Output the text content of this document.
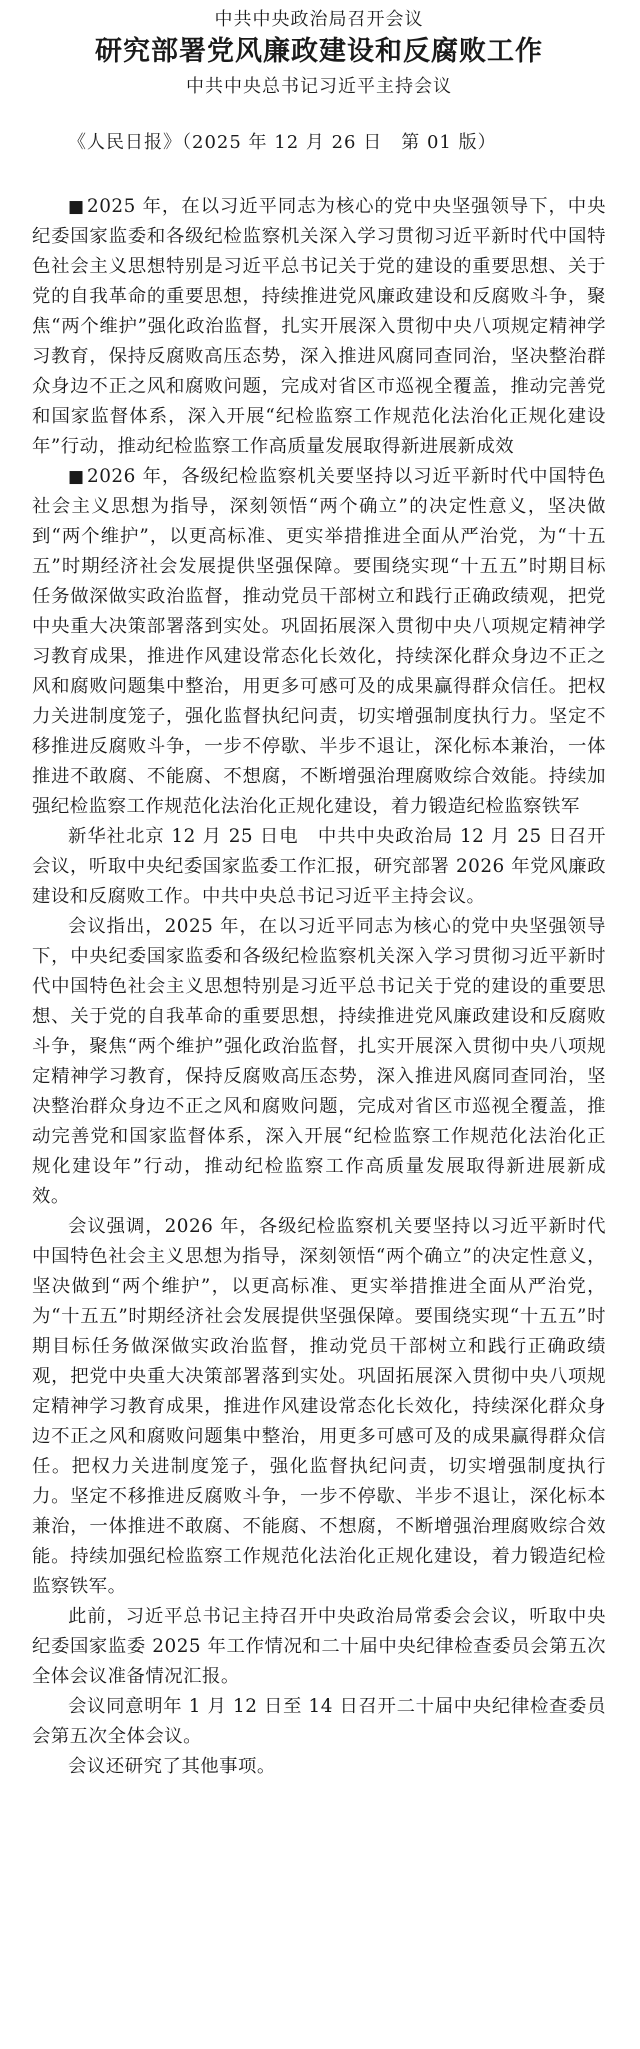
中共中央政治局召开会议

研究部署党风廉政建设和反腐败工作

中共中央总书记习近平主持会议

《人民日报》（2025 年 12 月 26 日　第 01 版）

■ 2025 年，在以习近平同志为核心的党中央坚强领导下，中央纪委国家监委和各级纪检监察机关深入学习贯彻习近平新时代中国特色社会主义思想特别是习近平总书记关于党的建设的重要思想、关于党的自我革命的重要思想，持续推进党风廉政建设和反腐败斗争，聚焦“两个维护”强化政治监督，扎实开展深入贯彻中央八项规定精神学习教育，保持反腐败高压态势，深入推进风腐同查同治，坚决整治群众身边不正之风和腐败问题，完成对省区市巡视全覆盖，推动完善党和国家监督体系，深入开展“纪检监察工作规范化法治化正规化建设年”行动，推动纪检监察工作高质量发展取得新进展新成效

■ 2026 年，各级纪检监察机关要坚持以习近平新时代中国特色社会主义思想为指导，深刻领悟“两个确立”的决定性意义，坚决做到“两个维护”，以更高标准、更实举措推进全面从严治党，为“十五五”时期经济社会发展提供坚强保障。要围绕实现“十五五”时期目标任务做深做实政治监督，推动党员干部树立和践行正确政绩观，把党中央重大决策部署落到实处。巩固拓展深入贯彻中央八项规定精神学习教育成果，推进作风建设常态化长效化，持续深化群众身边不正之风和腐败问题集中整治，用更多可感可及的成果赢得群众信任。把权力关进制度笼子，强化监督执纪问责，切实增强制度执行力。坚定不移推进反腐败斗争，一步不停歇、半步不退让，深化标本兼治，一体推进不敢腐、不能腐、不想腐，不断增强治理腐败综合效能。持续加强纪检监察工作规范化法治化正规化建设，着力锻造纪检监察铁军

新华社北京 12 月 25 日电　中共中央政治局 12 月 25 日召开会议，听取中央纪委国家监委工作汇报，研究部署 2026 年党风廉政建设和反腐败工作。中共中央总书记习近平主持会议。

会议指出，2025 年，在以习近平同志为核心的党中央坚强领导下，中央纪委国家监委和各级纪检监察机关深入学习贯彻习近平新时代中国特色社会主义思想特别是习近平总书记关于党的建设的重要思想、关于党的自我革命的重要思想，持续推进党风廉政建设和反腐败斗争，聚焦“两个维护”强化政治监督，扎实开展深入贯彻中央八项规定精神学习教育，保持反腐败高压态势，深入推进风腐同查同治，坚决整治群众身边不正之风和腐败问题，完成对省区市巡视全覆盖，推动完善党和国家监督体系，深入开展“纪检监察工作规范化法治化正规化建设年”行动，推动纪检监察工作高质量发展取得新进展新成效。

会议强调，2026 年，各级纪检监察机关要坚持以习近平新时代中国特色社会主义思想为指导，深刻领悟“两个确立”的决定性意义，坚决做到“两个维护”，以更高标准、更实举措推进全面从严治党，为“十五五”时期经济社会发展提供坚强保障。要围绕实现“十五五”时期目标任务做深做实政治监督，推动党员干部树立和践行正确政绩观，把党中央重大决策部署落到实处。巩固拓展深入贯彻中央八项规定精神学习教育成果，推进作风建设常态化长效化，持续深化群众身边不正之风和腐败问题集中整治，用更多可感可及的成果赢得群众信任。把权力关进制度笼子，强化监督执纪问责，切实增强制度执行力。坚定不移推进反腐败斗争，一步不停歇、半步不退让，深化标本兼治，一体推进不敢腐、不能腐、不想腐，不断增强治理腐败综合效能。持续加强纪检监察工作规范化法治化正规化建设，着力锻造纪检监察铁军。

此前，习近平总书记主持召开中央政治局常委会会议，听取中央纪委国家监委 2025 年工作情况和二十届中央纪律检查委员会第五次全体会议准备情况汇报。

会议同意明年 1 月 12 日至 14 日召开二十届中央纪律检查委员会第五次全体会议。

会议还研究了其他事项。
